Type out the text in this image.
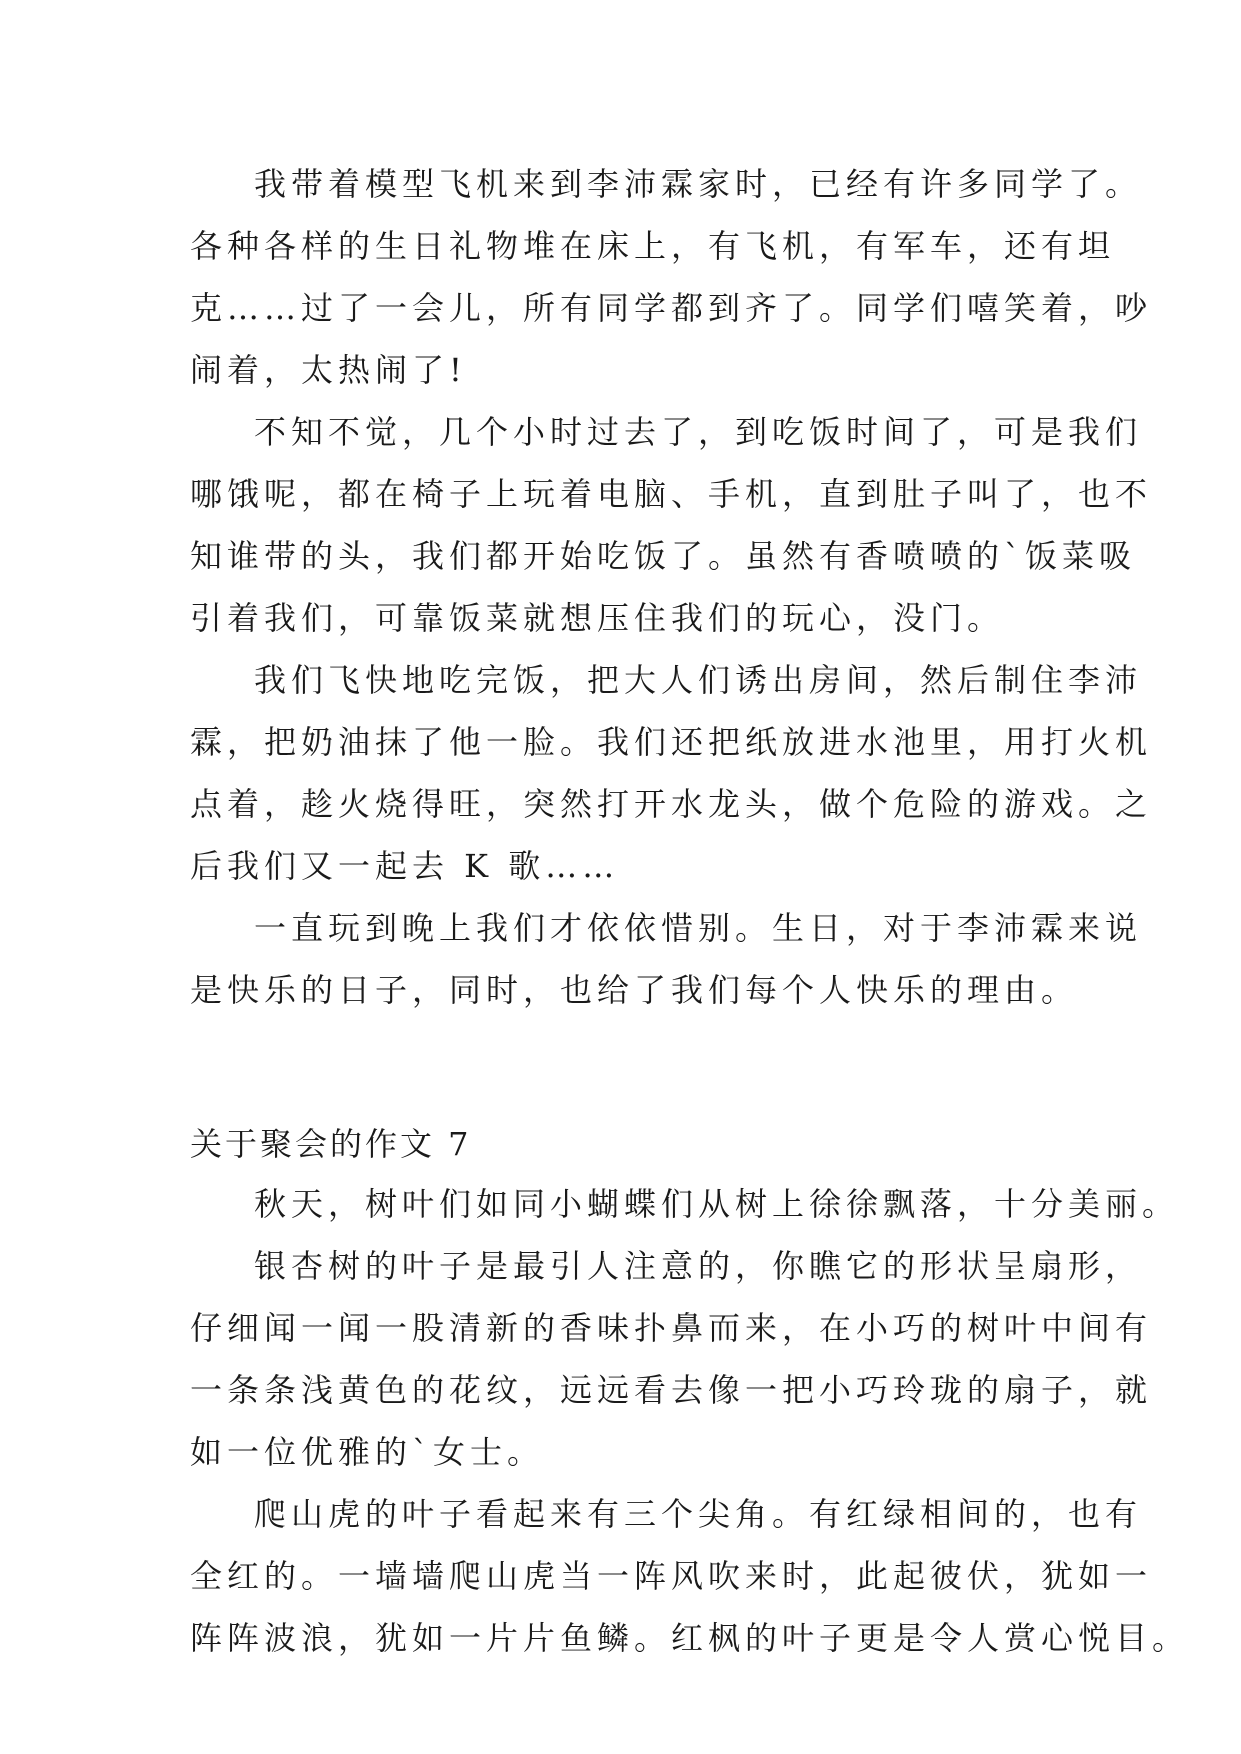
我带着模型飞机来到李沛霖家时，已经有许多同学了。
各种各样的生日礼物堆在床上，有飞机，有军车，还有坦
克……过了一会儿，所有同学都到齐了。同学们嘻笑着，吵
闹着，太热闹了!
不知不觉，几个小时过去了，到吃饭时间了，可是我们
哪饿呢，都在椅子上玩着电脑、手机，直到肚子叫了，也不
知谁带的头，我们都开始吃饭了。虽然有香喷喷的`饭菜吸
引着我们，可靠饭菜就想压住我们的玩心，没门。
我们飞快地吃完饭，把大人们诱出房间，然后制住李沛
霖，把奶油抹了他一脸。我们还把纸放进水池里，用打火机
点着，趁火烧得旺，突然打开水龙头，做个危险的游戏。之
后我们又一起去 K 歌……
一直玩到晚上我们才依依惜别。生日，对于李沛霖来说
是快乐的日子，同时，也给了我们每个人快乐的理由。
关于聚会的作文 7
秋天，树叶们如同小蝴蝶们从树上徐徐飘落，十分美丽。
银杏树的叶子是最引人注意的，你瞧它的形状呈扇形，
仔细闻一闻一股清新的香味扑鼻而来，在小巧的树叶中间有
一条条浅黄色的花纹，远远看去像一把小巧玲珑的扇子，就
如一位优雅的`女士。
爬山虎的叶子看起来有三个尖角。有红绿相间的，也有
全红的。一墙墙爬山虎当一阵风吹来时，此起彼伏，犹如一
阵阵波浪，犹如一片片鱼鳞。红枫的叶子更是令人赏心悦目。
